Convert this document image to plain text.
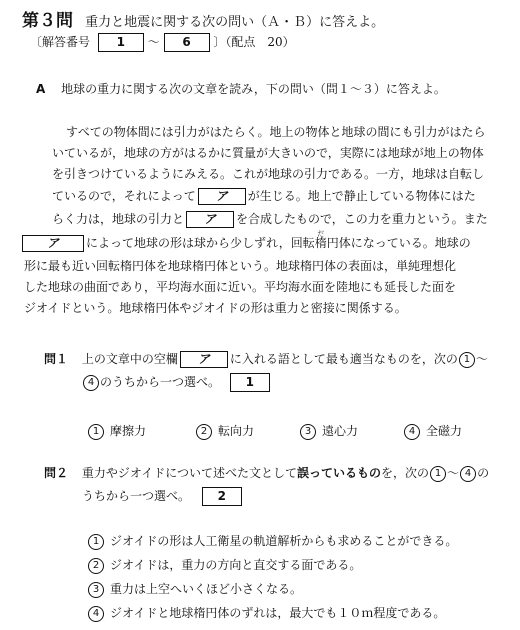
第３問 重力と地震に関する次の問い（Ａ・Ｂ）に答えよ。
〔解答番号 1 〜 6 〕（配点　20）
A 地球の重力に関する次の文章を読み，下の問い（問１〜３）に答えよ。
すべての物体間には引力がはたらく。地上の物体と地球の間にも引力がはたら
いているが，地球の方がはるかに質量が大きいので，実際には地球が地上の物体
を引きつけているようにみえる。これが地球の引力である。一方，地球は自転し
ているので，それによって ア が生じる。地上で静止している物体にはた
らく力は，地球の引力と ア を合成したもので，この力を重力という。また
ア によって地球の形は球から少しずれ，回転
だ
楕円体になっている。地球の
形に最も近い回転楕円体を地球楕円体という。地球楕円体の表面は，単純理想化
した地球の曲面であり，平均海水面に近い。平均海水面を陸地にも延長した面を
ジオイドという。地球楕円体やジオイドの形は重力と密接に関係する。
問１ 上の文章中の空欄 ア に入れる語として最も適当なものを，次の 1 〜
4 のうちから一つ選べ。 1
1 摩擦力	2 転向力	3 遠心力	4 全磁力
問２ 重力やジオイドについて述べた文として誤っているものを，次の 1 〜 4 の
うちから一つ選べ。 2
1 ジオイドの形は人工衛星の軌道解析からも求めることができる。
2 ジオイドは，重力の方向と直交する面である。
3 重力は上空へいくほど小さくなる。
4 ジオイドと地球楕円体のずれは，最大でも１０ｍ程度である。
